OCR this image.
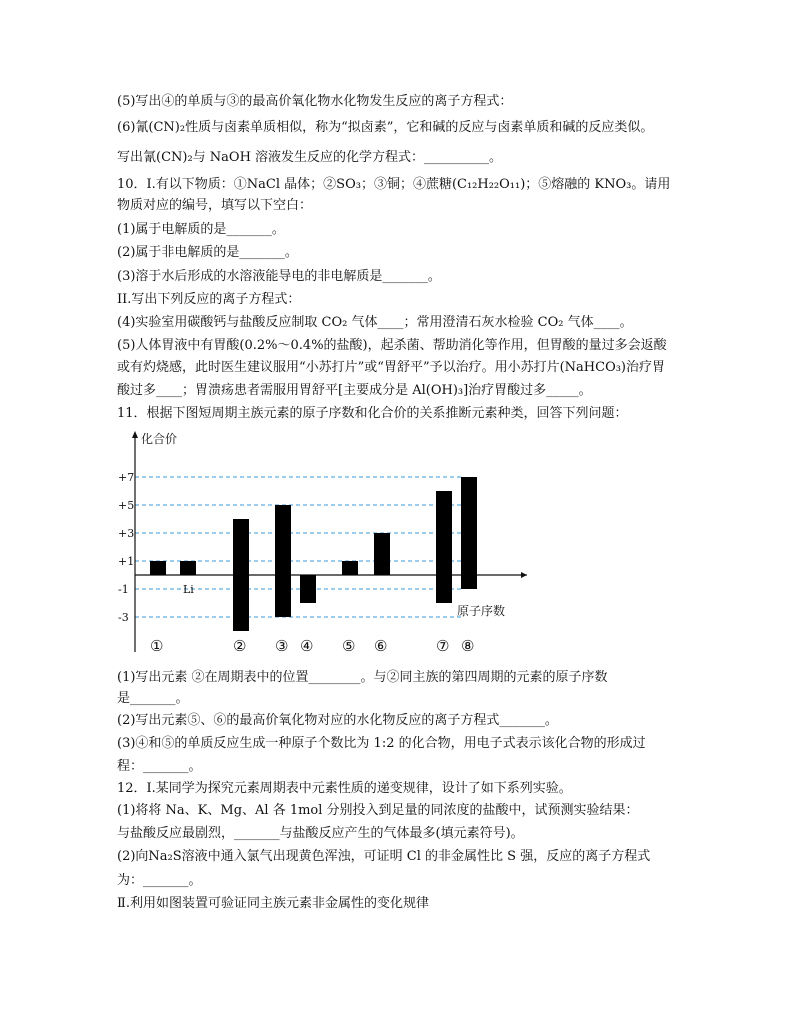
(5)写出④的单质与③的最高价氧化物水化物发生反应的离子方程式：
(6)氰(CN)₂性质与卤素单质相似，称为“拟卤素”，它和碱的反应与卤素单质和碱的反应类似。
写出氰(CN)₂与 NaOH 溶液发生反应的化学方程式：__________。
10．I.有以下物质：①NaCl 晶体；②SO₃；③铜；④蔗糖(C₁₂H₂₂O₁₁)；⑤熔融的 KNO₃。请用
物质对应的编号，填写以下空白：
(1)属于电解质的是_______。
(2)属于非电解质的是_______。
(3)溶于水后形成的水溶液能导电的非电解质是_______。
II.写出下列反应的离子方程式：
(4)实验室用碳酸钙与盐酸反应制取 CO₂ 气体____；常用澄清石灰水检验 CO₂ 气体____。
(5)人体胃液中有胃酸(0.2%～0.4%的盐酸)，起杀菌、帮助消化等作用，但胃酸的量过多会返酸
或有灼烧感，此时医生建议服用“小苏打片”或“胃舒平”予以治疗。用小苏打片(NaHCO₃)治疗胃
酸过多____；胃溃疡患者需服用胃舒平[主要成分是 Al(OH)₃]治疗胃酸过多_____。
11．根据下图短周期主族元素的原子序数和化合价的关系推断元素种类，回答下列问题：
+7
+5
+3
+1
-1
-3
化合价
原子序数
Li
①	② ③ ④ ⑤ ⑥	⑦ ⑧
(1)写出元素 ②在周期表中的位置________。与②同主族的第四周期的元素的原子序数
是_______。
(2)写出元素⑤、⑥的最高价氧化物对应的水化物反应的离子方程式_______。
(3)④和⑤的单质反应生成一种原子个数比为 1:2 的化合物，用电子式表示该化合物的形成过
程：_______。
12．I.某同学为探究元素周期表中元素性质的递变规律，设计了如下系列实验。
(1)将将 Na、K、Mg、Al 各 1mol 分别投入到足量的同浓度的盐酸中，试预测实验结果：
与盐酸反应最剧烈，_______与盐酸反应产生的气体最多(填元素符号)。
(2)向Na₂S溶液中通入氯气出现黄色浑浊，可证明 Cl 的非金属性比 S 强，反应的离子方程式
为：_______。
Ⅱ.利用如图装置可验证同主族元素非金属性的变化规律
